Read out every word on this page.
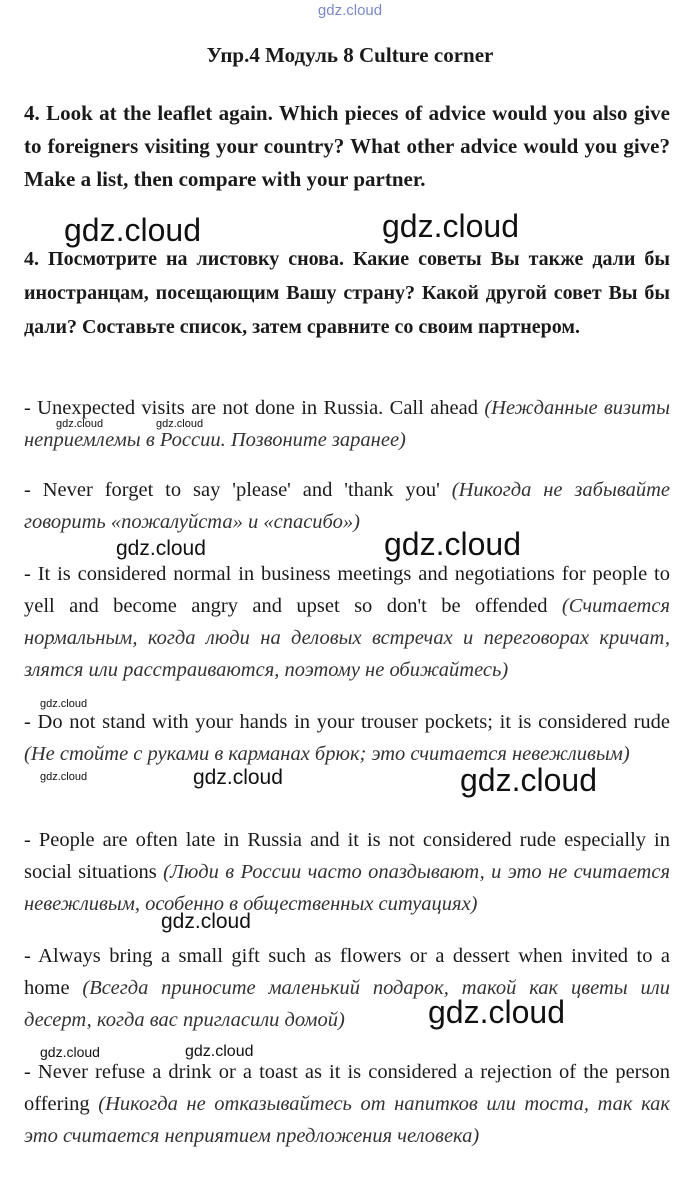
gdz.cloud
Упр.4 Модуль 8 Culture corner
4. Look at the leaflet again. Which pieces of advice would you also give to foreigners visiting your country? What other advice would you give? Make a list, then compare with your partner.
4. Посмотрите на листовку снова. Какие советы Вы также дали бы иностранцам, посещающим Вашу страну? Какой другой совет Вы бы дали? Составьте список, затем сравните со своим партнером.
- Unexpected visits are not done in Russia. Call ahead (Нежданные визиты неприемлемы в России. Позвоните заранее)
- Never forget to say 'please' and 'thank you' (Никогда не забывайте говорить «пожалуйста» и «спасибо»)
- It is considered normal in business meetings and negotiations for people to yell and become angry and upset so don't be offended (Считается нормальным, когда люди на деловых встречах и переговорах кричат, злятся или расстраиваются, поэтому не обижайтесь)
- Do not stand with your hands in your trouser pockets; it is considered rude (Не стойте с руками в карманах брюк; это считается невежливым)
- People are often late in Russia and it is not considered rude especially in social situations (Люди в России часто опаздывают, и это не считается невежливым, особенно в общественных ситуациях)
- Always bring a small gift such as flowers or a dessert when invited to a home (Всегда приносите маленький подарок, такой как цветы или десерт, когда вас пригласили домой)
- Never refuse a drink or a toast as it is considered a rejection of the person offering (Никогда не отказывайтесь от напитков или тоста, так как это считается неприятием предложения человека)
gdz.cloud	gdz.cloud
gdz.cloud	gdz.cloud
gdz.cloud	gdz.cloud
gdz.cloud
gdz.cloud	gdz.cloud	gdz.cloud
gdz.cloud
gdz.cloud
gdz.cloud	gdz.cloud
